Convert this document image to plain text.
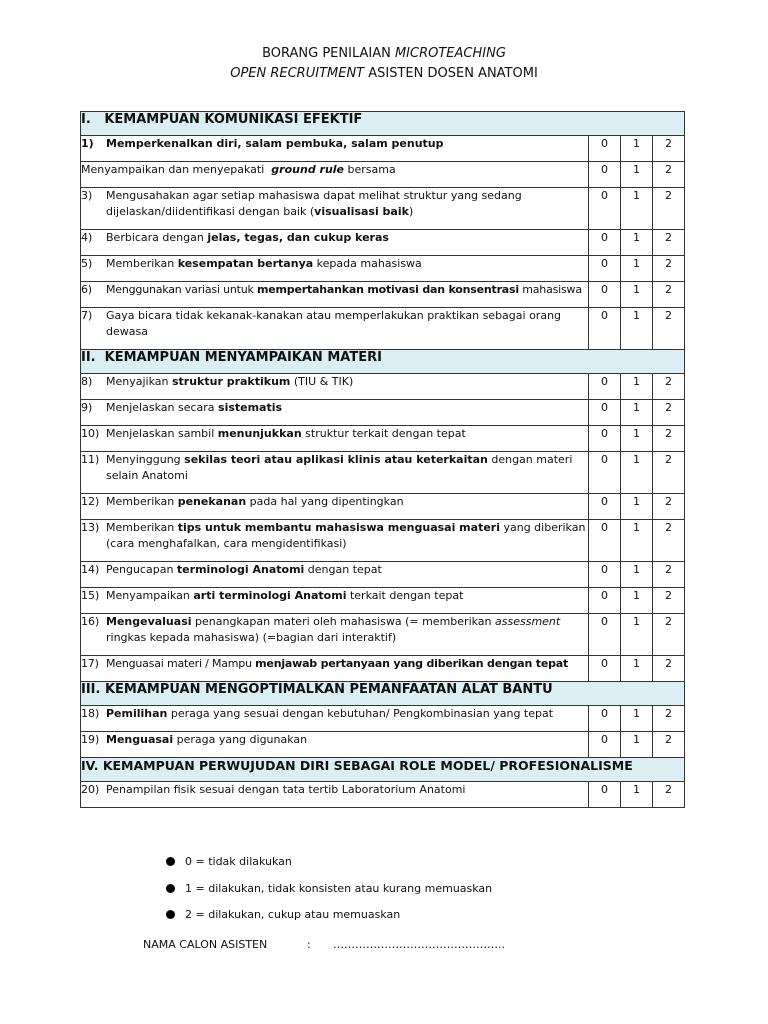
BORANG PENILAIAN MICROTEACHING
OPEN RECRUITMENT ASISTEN DOSEN ANATOMI
I.   KEMAMPUAN KOMUNIKASI EFEKTIF			

1) Memperkenalkan diri, salam pembuka, salam penutup	0	1	2
Menyampaikan dan menyepakati  ground rule bersama	0	1	2

3) Mengusahakan agar setiap mahasiswa dapat melihat struktur yang sedang dijelaskan/diidentifikasi dengan baik (visualisasi baik)	0	1	2

4) Berbicara dengan jelas, tegas, dan cukup keras	0	1	2

5) Memberikan kesempatan bertanya kepada mahasiswa	0	1	2

6) Menggunakan variasi untuk mempertahankan motivasi dan konsentrasi mahasiswa	0	1	2

7) Gaya bicara tidak kekanak-kanakan atau memperlakukan praktikan sebagai orang dewasa	0	1	2
II.  KEMAMPUAN MENYAMPAIKAN MATERI			

8) Menyajikan struktur praktikum (TIU & TIK)	0	1	2

9) Menjelaskan secara sistematis	0	1	2

10) Menjelaskan sambil menunjukkan struktur terkait dengan tepat	0	1	2

11) Menyinggung sekilas teori atau aplikasi klinis atau keterkaitan dengan materi selain Anatomi	0	1	2

12) Memberikan penekanan pada hal yang dipentingkan	0	1	2

13) Memberikan tips untuk membantu mahasiswa menguasai materi yang diberikan (cara menghafalkan, cara mengidentifikasi)	0	1	2

14) Pengucapan terminologi Anatomi dengan tepat	0	1	2

15) Menyampaikan arti terminologi Anatomi terkait dengan tepat	0	1	2

16) Mengevaluasi penangkapan materi oleh mahasiswa (= memberikan assessment ringkas kepada mahasiswa) (=bagian dari interaktif)	0	1	2

17) Menguasai materi / Mampu menjawab pertanyaan yang diberikan dengan tepat	0	1	2
III. KEMAMPUAN MENGOPTIMALKAN PEMANFAATAN ALAT BANTU			

18) Pemilihan peraga yang sesuai dengan kebutuhan/ Pengkombinasian yang tepat	0	1	2

19) Menguasai peraga yang digunakan	0	1	2
IV. KEMAMPUAN PERWUJUDAN DIRI SEBAGAI ROLE MODEL/ PROFESIONALISME			

20) Penampilan fisik sesuai dengan tata tertib Laboratorium Anatomi	0	1	2
0 = tidak dilakukan
1 = dilakukan, tidak konsisten atau kurang memuaskan
2 = dilakukan, cukup atau memuaskan
NAMA CALON ASISTEN	: ………………………………………..
